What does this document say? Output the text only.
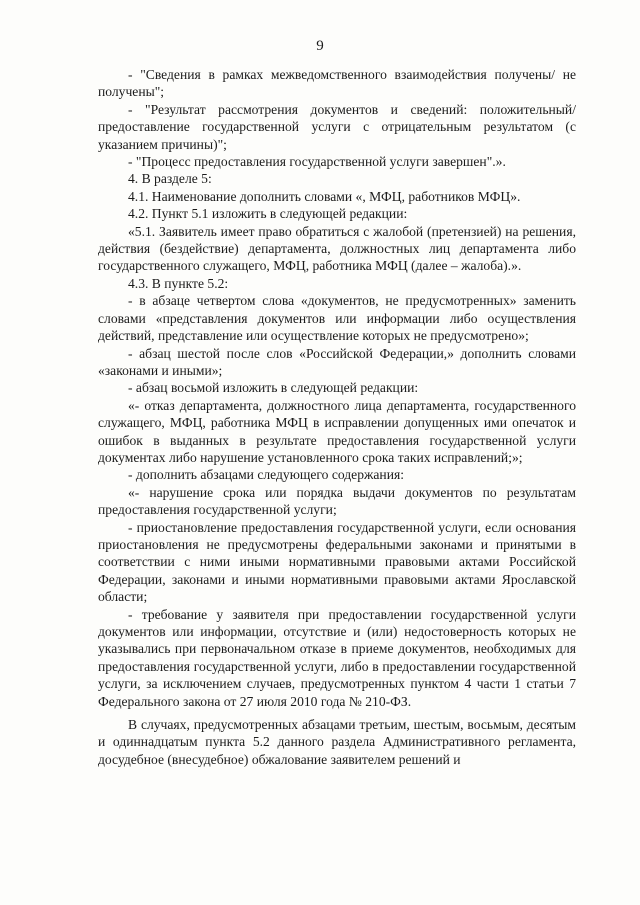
9

- "Сведения в рамках межведомственного взаимодействия получены/ не получены";

- "Результат рассмотрения документов и сведений: положительный/ предоставление государственной услуги с отрицательным результатом (с указанием причины)";

- "Процесс предоставления государственной услуги завершен".».

4. В разделе 5:

4.1. Наименование дополнить словами «, МФЦ, работников МФЦ».

4.2. Пункт 5.1 изложить в следующей редакции:

«5.1. Заявитель имеет право обратиться с жалобой (претензией) на решения, действия (бездействие) департамента, должностных лиц департамента либо государственного служащего, МФЦ, работника МФЦ (далее – жалоба).».

4.3. В пункте 5.2:

- в абзаце четвертом слова «документов, не предусмотренных» заменить словами «представления документов или информации либо осуществления действий, представление или осуществление которых не предусмотрено»;

- абзац шестой после слов «Российской Федерации,» дополнить словами «законами и иными»;

- абзац восьмой изложить в следующей редакции:

«- отказ департамента, должностного лица департамента, государственного служащего, МФЦ, работника МФЦ в исправлении допущенных ими опечаток и ошибок в выданных в результате предоставления государственной услуги документах либо нарушение установленного срока таких исправлений;»;

- дополнить абзацами следующего содержания:

«- нарушение срока или порядка выдачи документов по результатам предоставления государственной услуги;

- приостановление предоставления государственной услуги, если основания приостановления не предусмотрены федеральными законами и принятыми в соответствии с ними иными нормативными правовыми актами Российской Федерации, законами и иными нормативными правовыми актами Ярославской области;

- требование у заявителя при предоставлении государственной услуги документов или информации, отсутствие и (или) недостоверность которых не указывались при первоначальном отказе в приеме документов, необходимых для предоставления государственной услуги, либо в предоставлении государственной услуги, за исключением случаев, предусмотренных пунктом 4 части 1 статьи 7 Федерального закона от 27 июля 2010 года № 210-ФЗ.

В случаях, предусмотренных абзацами третьим, шестым, восьмым, десятым и одиннадцатым пункта 5.2 данного раздела Административного регламента, досудебное (внесудебное) обжалование заявителем решений и
